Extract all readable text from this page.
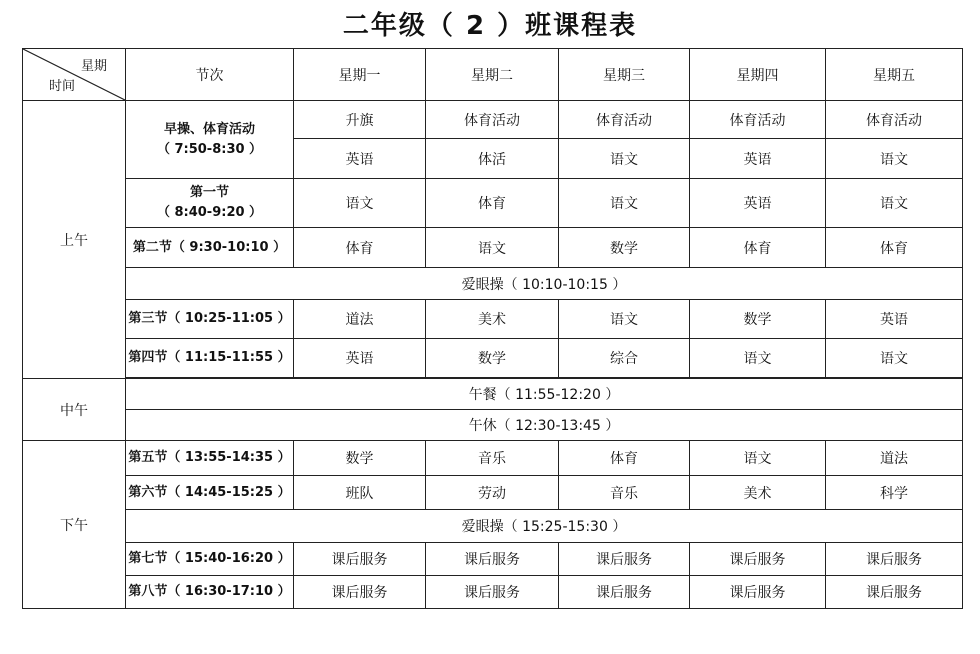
二年级（ 2 ）班课程表
星期
时间	节次	星期一	星期二	星期三	星期四	星期五
上午	早操、体育活动
（ 7:50-8:30 ）	升旗	体育活动	体育活动	体育活动	体育活动
		英语	体活	语文	英语	语文

	第一节
（ 8:40-9:20 ）	语文	体育	语文	英语	语文
	第二节（ 9:30-10:10 ）	体育	语文	数学	体育	体育
	爱眼操（ 10:10-10:15 ）					
	第三节（ 10:25-11:05 ）	道法	美术	语文	数学	英语
	第四节（ 11:15-11:55 ）	英语	数学	综合	语文	语文

中午	午餐（ 11:55-12:20 ）					
	午休（ 12:30-13:45 ）					
下午	第五节（ 13:55-14:35 ）	数学	音乐	体育	语文	道法
	第六节（ 14:45-15:25 ）	班队	劳动	音乐	美术	科学
	爱眼操（ 15:25-15:30 ）					
	第七节（ 15:40-16:20 ）	课后服务	课后服务	课后服务	课后服务	课后服务
	第八节（ 16:30-17:10 ）	课后服务	课后服务	课后服务	课后服务	课后服务
